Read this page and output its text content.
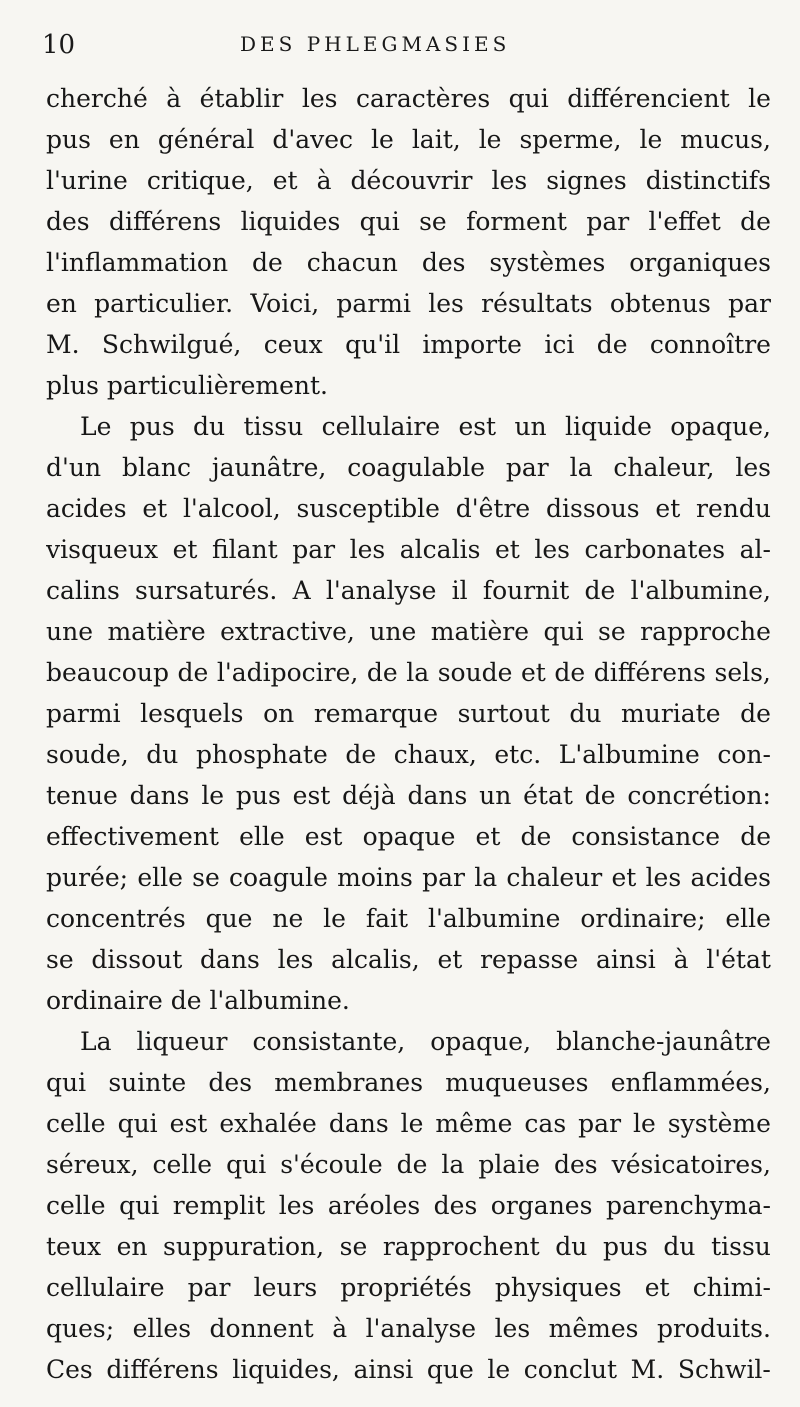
10	DES PHLEGMASIES
cherché à établir les caractères qui différencient le
pus en général d'avec le lait, le sperme, le mucus,
l'urine critique, et à découvrir les signes distinctifs
des différens liquides qui se forment par l'effet de
l'inflammation de chacun des systèmes organiques
en particulier. Voici, parmi les résultats obtenus par
M. Schwilgué, ceux qu'il importe ici de connoître
plus particulièrement.
Le pus du tissu cellulaire est un liquide opaque,
d'un blanc jaunâtre, coagulable par la chaleur, les
acides et l'alcool, susceptible d'être dissous et rendu
visqueux et filant par les alcalis et les carbonates al-
calins sursaturés. A l'analyse il fournit de l'albumine,
une matière extractive, une matière qui se rapproche
beaucoup de l'adipocire, de la soude et de différens sels,
parmi lesquels on remarque surtout du muriate de
soude, du phosphate de chaux, etc. L'albumine con-
tenue dans le pus est déjà dans un état de concrétion:
effectivement elle est opaque et de consistance de
purée; elle se coagule moins par la chaleur et les acides
concentrés que ne le fait l'albumine ordinaire; elle
se dissout dans les alcalis, et repasse ainsi à l'état
ordinaire de l'albumine.
La liqueur consistante, opaque, blanche-jaunâtre
qui suinte des membranes muqueuses enflammées,
celle qui est exhalée dans le même cas par le système
séreux, celle qui s'écoule de la plaie des vésicatoires,
celle qui remplit les aréoles des organes parenchyma-
teux en suppuration, se rapprochent du pus du tissu
cellulaire par leurs propriétés physiques et chimi-
ques; elles donnent à l'analyse les mêmes produits.
Ces différens liquides, ainsi que le conclut M. Schwil-
